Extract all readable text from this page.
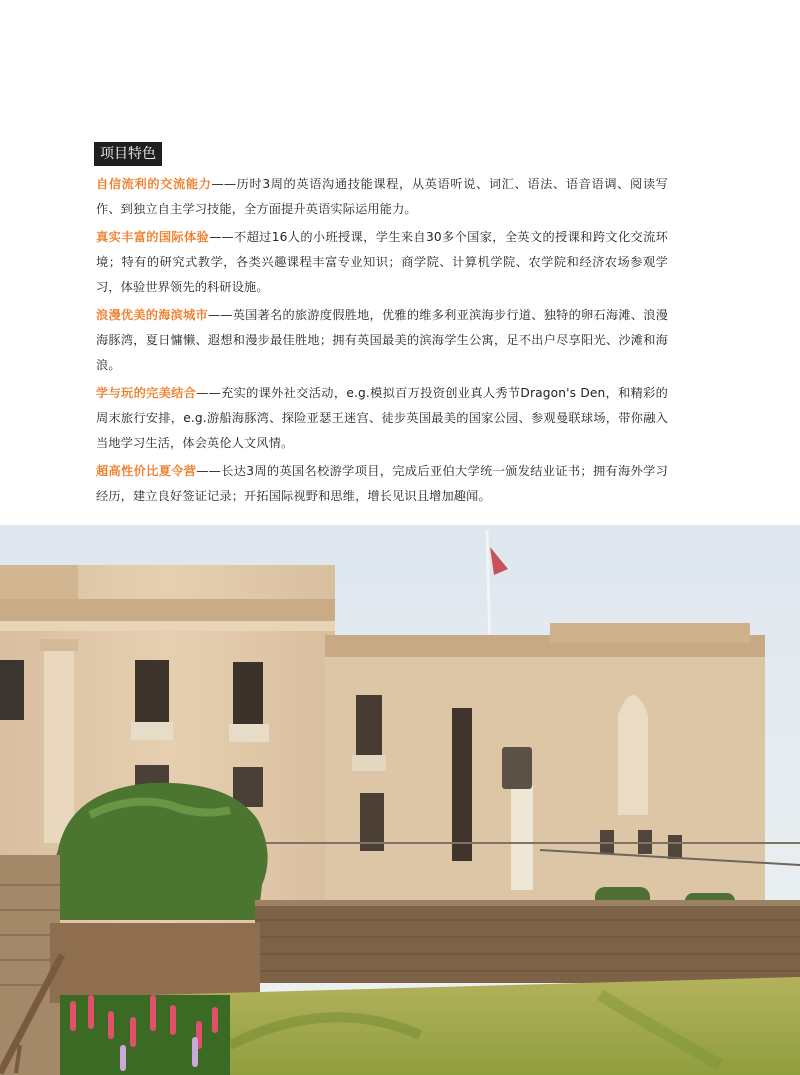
项目特色

自信流利的交流能力——历时3周的英语沟通技能课程，从英语听说、词汇、语法、语音语调、阅读写作、到独立自主学习技能，全方面提升英语实际运用能力。

真实丰富的国际体验——不超过16人的小班授课，学生来自30多个国家，全英文的授课和跨文化交流环境；特有的研究式教学，各类兴趣课程丰富专业知识；商学院、计算机学院、农学院和经济农场参观学习，体验世界领先的科研设施。

浪漫优美的海滨城市——英国著名的旅游度假胜地，优雅的维多利亚滨海步行道、独特的卵石海滩、浪漫海豚湾，夏日慵懒、遐想和漫步最佳胜地；拥有英国最美的滨海学生公寓，足不出户尽享阳光、沙滩和海浪。

学与玩的完美结合——充实的课外社交活动，e.g.模拟百万投资创业真人秀节Dragon's Den，和精彩的周末旅行安排，e.g.游船海豚湾、探险亚瑟王迷宫、徒步英国最美的国家公园、参观曼联球场，带你融入当地学习生活，体会英伦人文风情。

超高性价比夏令营——长达3周的英国名校游学项目，完成后亚伯大学统一颁发结业证书；拥有海外学习经历，建立良好签证记录；开拓国际视野和思维，增长见识且增加趣闻。
